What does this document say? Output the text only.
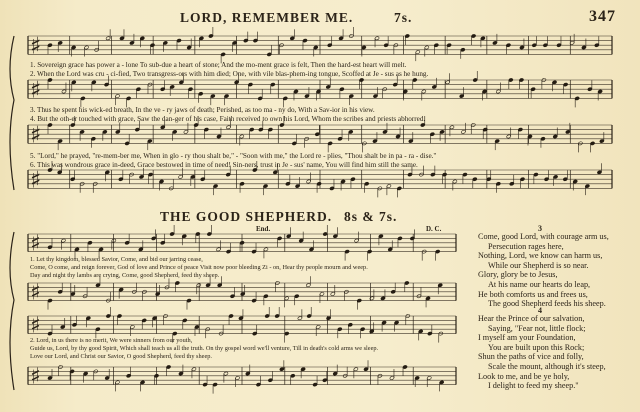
LORD, REMEMBER ME.	7s.	347
♯
♯
♯
♯
♯
♯
♯
♯
1. Sovereign grace has power a - lone To sub-due a heart of stone; And the mo-ment grace is felt, Then the hard-est heart will melt.
2. When the Lord was cru - ci-fied, Two transgress-ors with him died; One, with vile blas-phem-ing tongue, Scoffed at Je - sus as he hung.
3. Thus he spent his wick-ed breath, In the ve - ry jaws of death; Perished, as too ma - ny do, With a Sav-ior in his view.
4. But the oth-er touched with grace, Saw the dan-ger of his case, Faith received to own his Lord, Whom the scribes and priests abhorred.
5. "Lord," he prayed, "re-mem-ber me, When in glo - ry thou shalt be," - "Soon with me," the Lord re - plies, "Thou shalt be in pa - ra - dise."
6. This was wondrous grace in-deed, Grace bestowed in time of need! Sin-ners, trust in Je - sus' name, You will find him still the same.
THE GOOD SHEPHERD. 8s & 7s.
End.	D. C.
1. Let thy kingdom, blessed Savior, Come, and bid our jarring cease,
Come, O come, and reign forever, God of love and Prince of peace Visit now poor bleeding Zi - on, Hear thy people mourn and weep.
Day and night thy lambs are crying, Come, good Shepherd, feed thy sheep.
2. Lord, in us there is no merit, We were sinners from our youth,
Guide us, Lord, by thy good Spirit, Which shall teach us all the truth. On thy gospel word we'll venture, Till in death's cold arms we sleep.
Love our Lord, and Christ our Savior, O good Shepherd, feed thy sheep.
3
Come, good Lord, with courage arm us,
Persecution rages here,
Nothing, Lord, we know can harm us,
While our Shepherd is so near.
Glory, glory be to Jesus,
At his name our hearts do leap,
He both comforts us and frees us,
The good Shepherd feeds his sheep.
4
Hear the Prince of our salvation,
Saying, "Fear not, little flock;
I myself am your Foundation,
You are built upon this Rock;
Shun the paths of vice and folly,
Scale the mount, although it's steep,
Look to me, and be ye holy,
I delight to feed my sheep."
